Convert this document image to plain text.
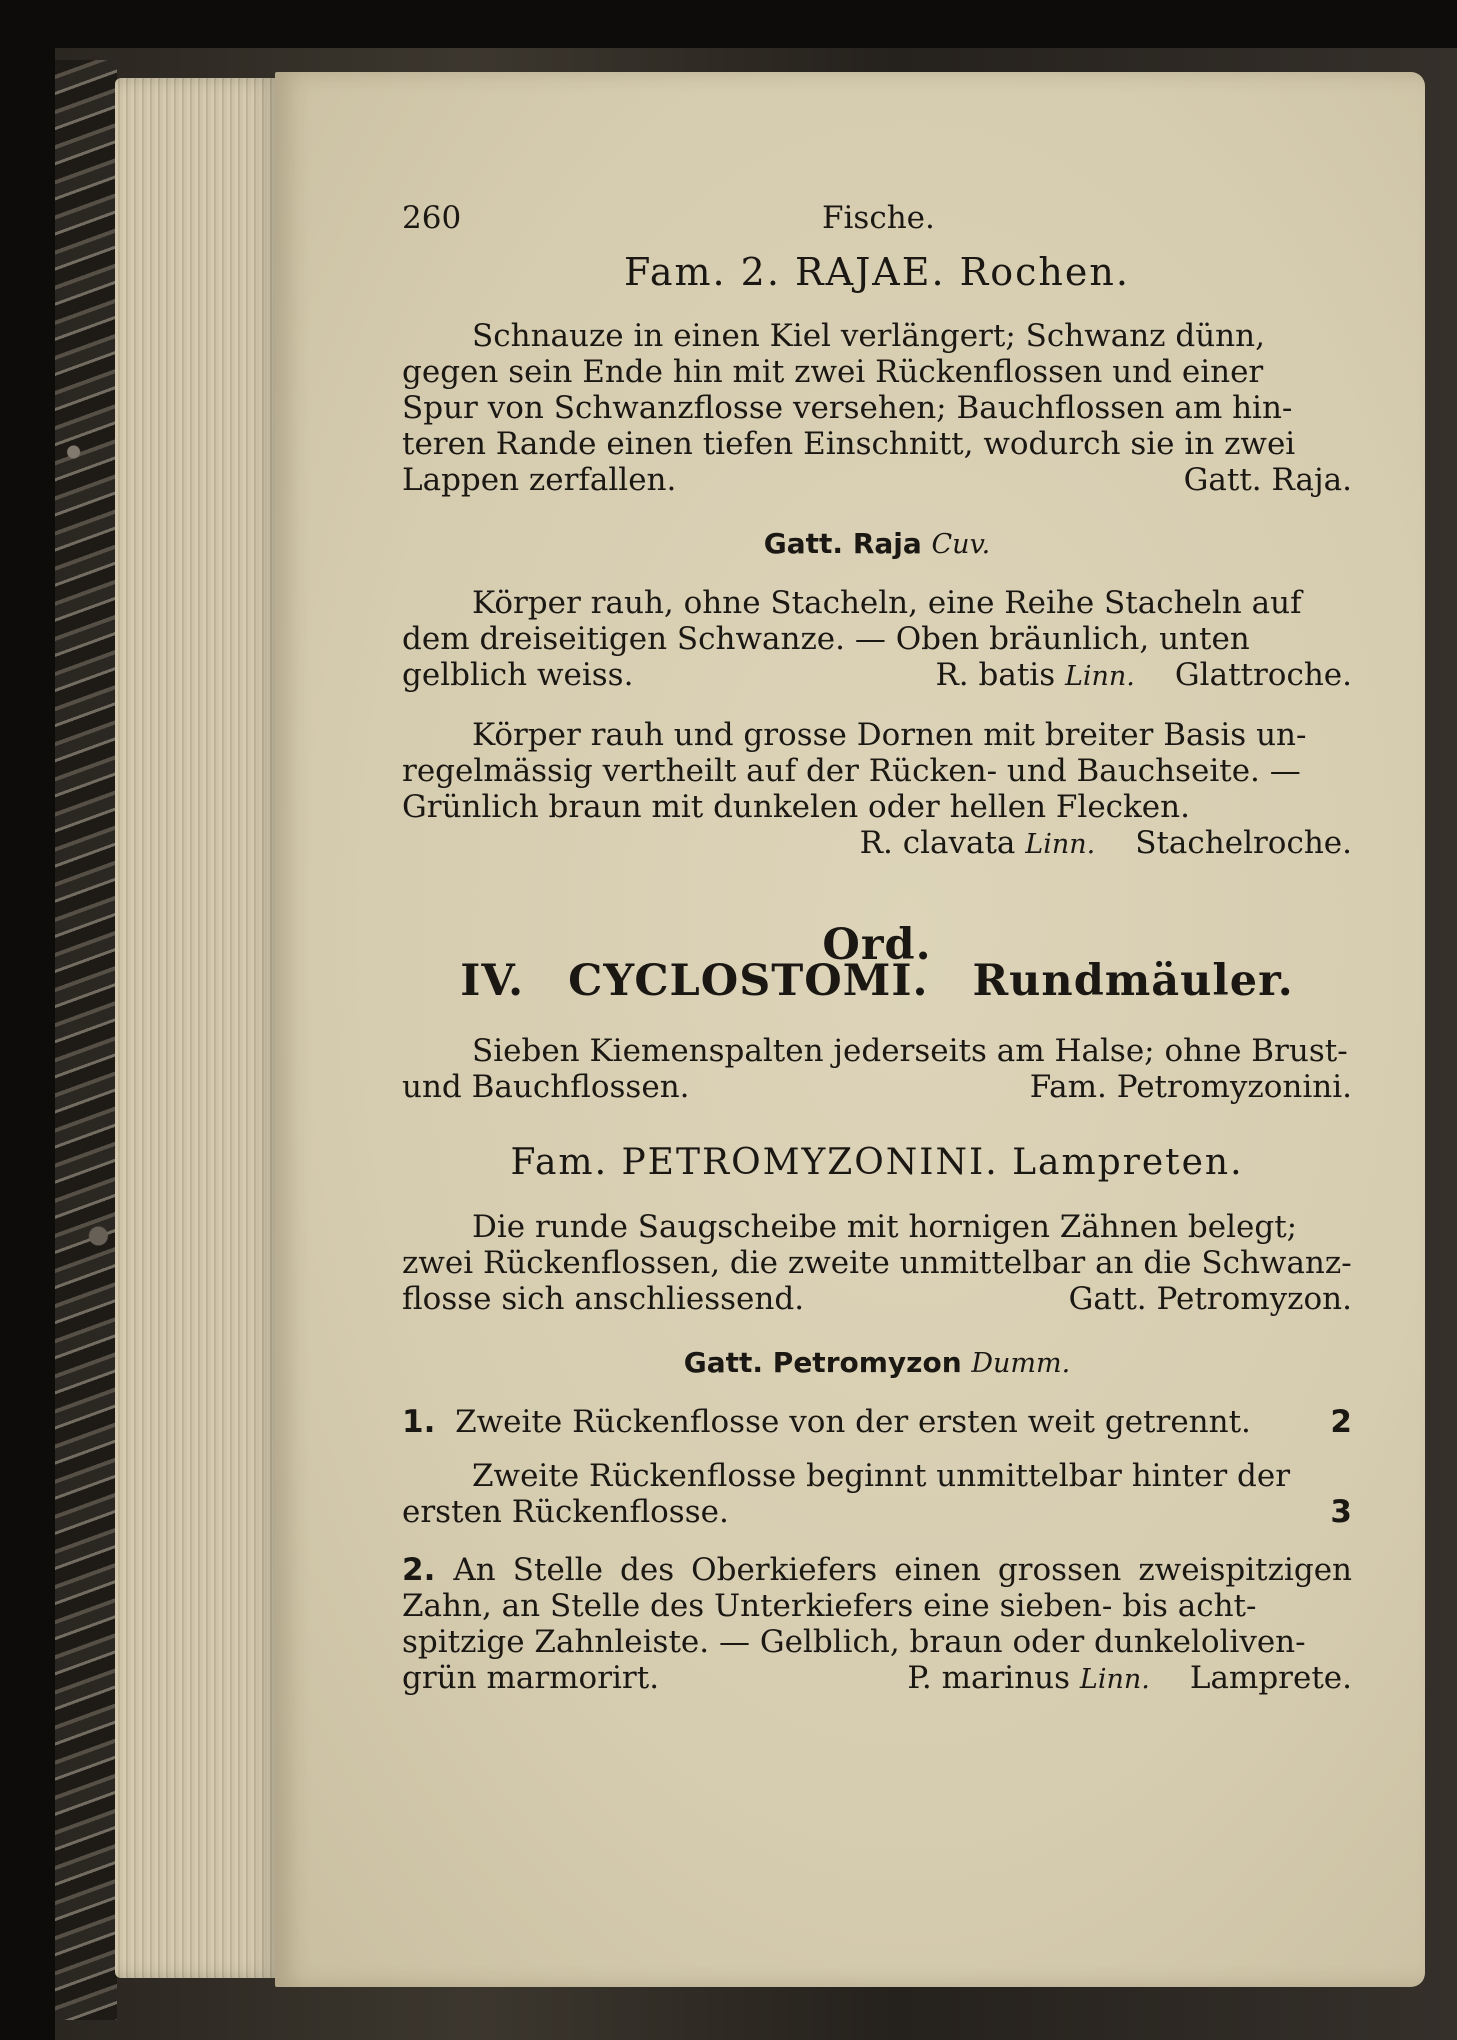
260	Fische.
Fam. 2. RAJAE. Rochen.

Schnauze in einen Kiel verlängert; Schwanz dünn,

gegen sein Ende hin mit zwei Rückenflossen und einer

Spur von Schwanzflosse versehen; Bauchflossen am hin-

teren Rande einen tiefen Einschnitt, wodurch sie in zwei

Lappen zerfallen.	Gatt. Raja.
Gatt. Raja Cuv.

Körper rauh, ohne Stacheln, eine Reihe Stacheln auf

dem dreiseitigen Schwanze. — Oben bräunlich, unten

gelblich weiss.	R. batis Linn. Glattroche.

Körper rauh und grosse Dornen mit breiter Basis un-

regelmässig vertheilt auf der Rücken- und Bauchseite. —

Grünlich braun mit dunkelen oder hellen Flecken.

R. clavata Linn. Stachelroche.
Ord. IV. CYCLOSTOMI. Rundmäuler.

Sieben Kiemenspalten jederseits am Halse; ohne Brust-

und Bauchflossen.	Fam. Petromyzonini.
Fam. PETROMYZONINI. Lampreten.

Die runde Saugscheibe mit hornigen Zähnen belegt;

zwei Rückenflossen, die zweite unmittelbar an die Schwanz-

flosse sich anschliessend.	Gatt. Petromyzon.
Gatt. Petromyzon Dumm.
1. Zweite Rückenflosse von der ersten weit getrennt.	2

Zweite Rückenflosse beginnt unmittelbar hinter der

ersten Rückenflosse.	3
2. An Stelle des Oberkiefers einen grossen zweispitzigen

Zahn, an Stelle des Unterkiefers eine sieben- bis acht-

spitzige Zahnleiste. — Gelblich, braun oder dunkeloliven-

grün marmorirt.	P. marinus Linn. Lamprete.
